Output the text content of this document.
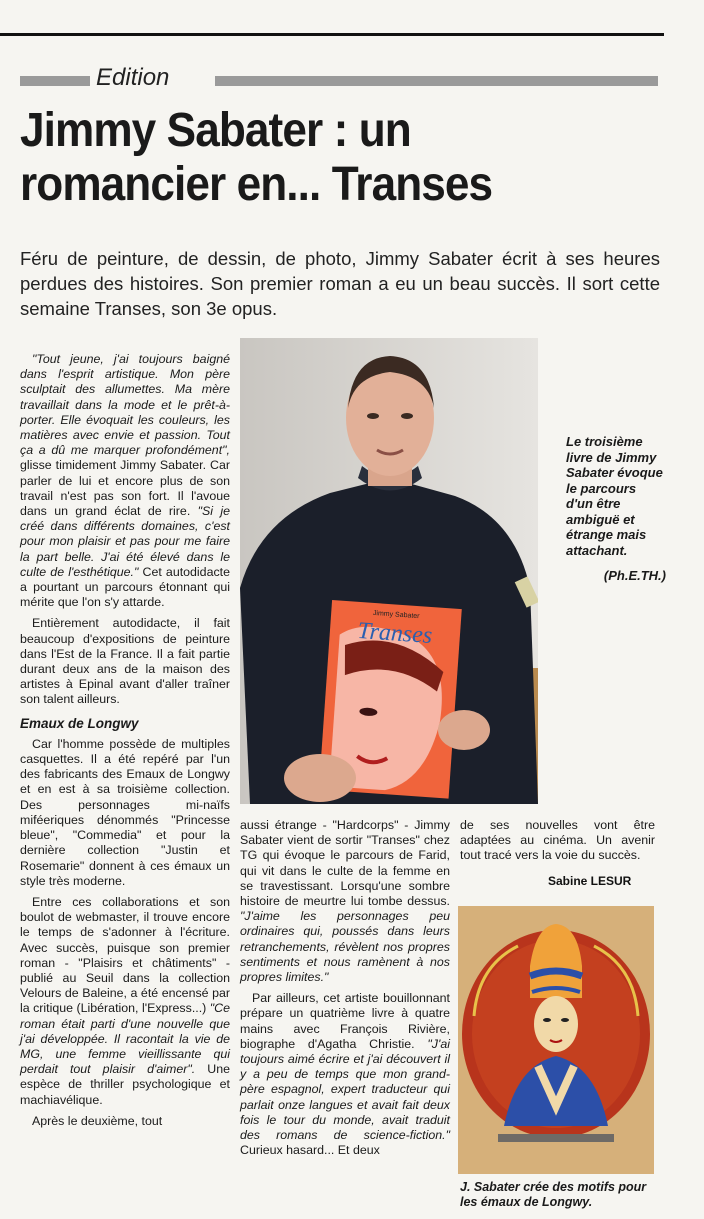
Edition
Jimmy Sabater : un romancier en... Transes
Féru de peinture, de dessin, de photo, Jimmy Sabater écrit à ses heures perdues des histoires. Son premier roman a eu un beau succès. Il sort cette semaine Transes, son 3e opus.

"Tout jeune, j'ai toujours baigné dans l'esprit artistique. Mon père sculptait des allumettes. Ma mère travaillait dans la mode et le prêt-à-porter. Elle évoquait les couleurs, les matières avec envie et passion. Tout ça a dû me marquer profondément", glisse timidement Jimmy Sabater. Car parler de lui et encore plus de son travail n'est pas son fort. Il l'avoue dans un grand éclat de rire. "Si je créé dans différents domaines, c'est pour mon plaisir et pas pour me faire la part belle. J'ai été élevé dans le culte de l'esthétique." Cet autodidacte a pourtant un parcours étonnant qui mérite que l'on s'y attarde.

Entièrement autodidacte, il fait beaucoup d'expositions de peinture dans l'Est de la France. Il a fait partie durant deux ans de la maison des artistes à Epinal avant d'aller traîner son talent ailleurs.

Emaux de Longwy

Car l'homme possède de multiples casquettes. Il a été repéré par l'un des fabricants des Emaux de Longwy et en est à sa troisième collection. Des personnages mi-naïfs miféeriques dénommés "Princesse bleue", "Commedia" et pour la dernière collection "Justin et Rosemarie" donnent à ces émaux un style très moderne.

Entre ces collaborations et son boulot de webmaster, il trouve encore le temps de s'adonner à l'écriture. Avec succès, puisque son premier roman - "Plaisirs et châtiments" - publié au Seuil dans la collection Velours de Baleine, a été encensé par la critique (Libération, l'Express...) "Ce roman était parti d'une nouvelle que j'ai développée. Il racontait la vie de MG, une femme vieillissante qui perdait tout plaisir d'aimer". Une espèce de thriller psychologique et machiavélique.

Après le deuxième, tout

Jimmy Sabater
Transes
Le troisième livre de Jimmy Sabater évoque le parcours d'un être ambiguë et étrange mais attachant.
(Ph.E.TH.)

aussi étrange - "Hardcorps" - Jimmy Sabater vient de sortir "Transes" chez TG qui évoque le parcours de Farid, qui vit dans le culte de la femme en se travestissant. Lorsqu'une sombre histoire de meurtre lui tombe dessus. "J'aime les personnages peu ordinaires qui, poussés dans leurs retranchements, révèlent nos propres sentiments et nous ramènent à nos propres limites."

Par ailleurs, cet artiste bouillonnant prépare un quatrième livre à quatre mains avec François Rivière, biographe d'Agatha Christie. "J'ai toujours aimé écrire et j'ai découvert il y a peu de temps que mon grand-père espagnol, expert traducteur qui parlait onze langues et avait fait deux fois le tour du monde, avait traduit des romans de science-fiction." Curieux hasard... Et deux

de ses nouvelles vont être adaptées au cinéma. Un avenir tout tracé vers la voie du succès.

Sabine LESUR
J. Sabater crée des motifs pour les émaux de Longwy.
